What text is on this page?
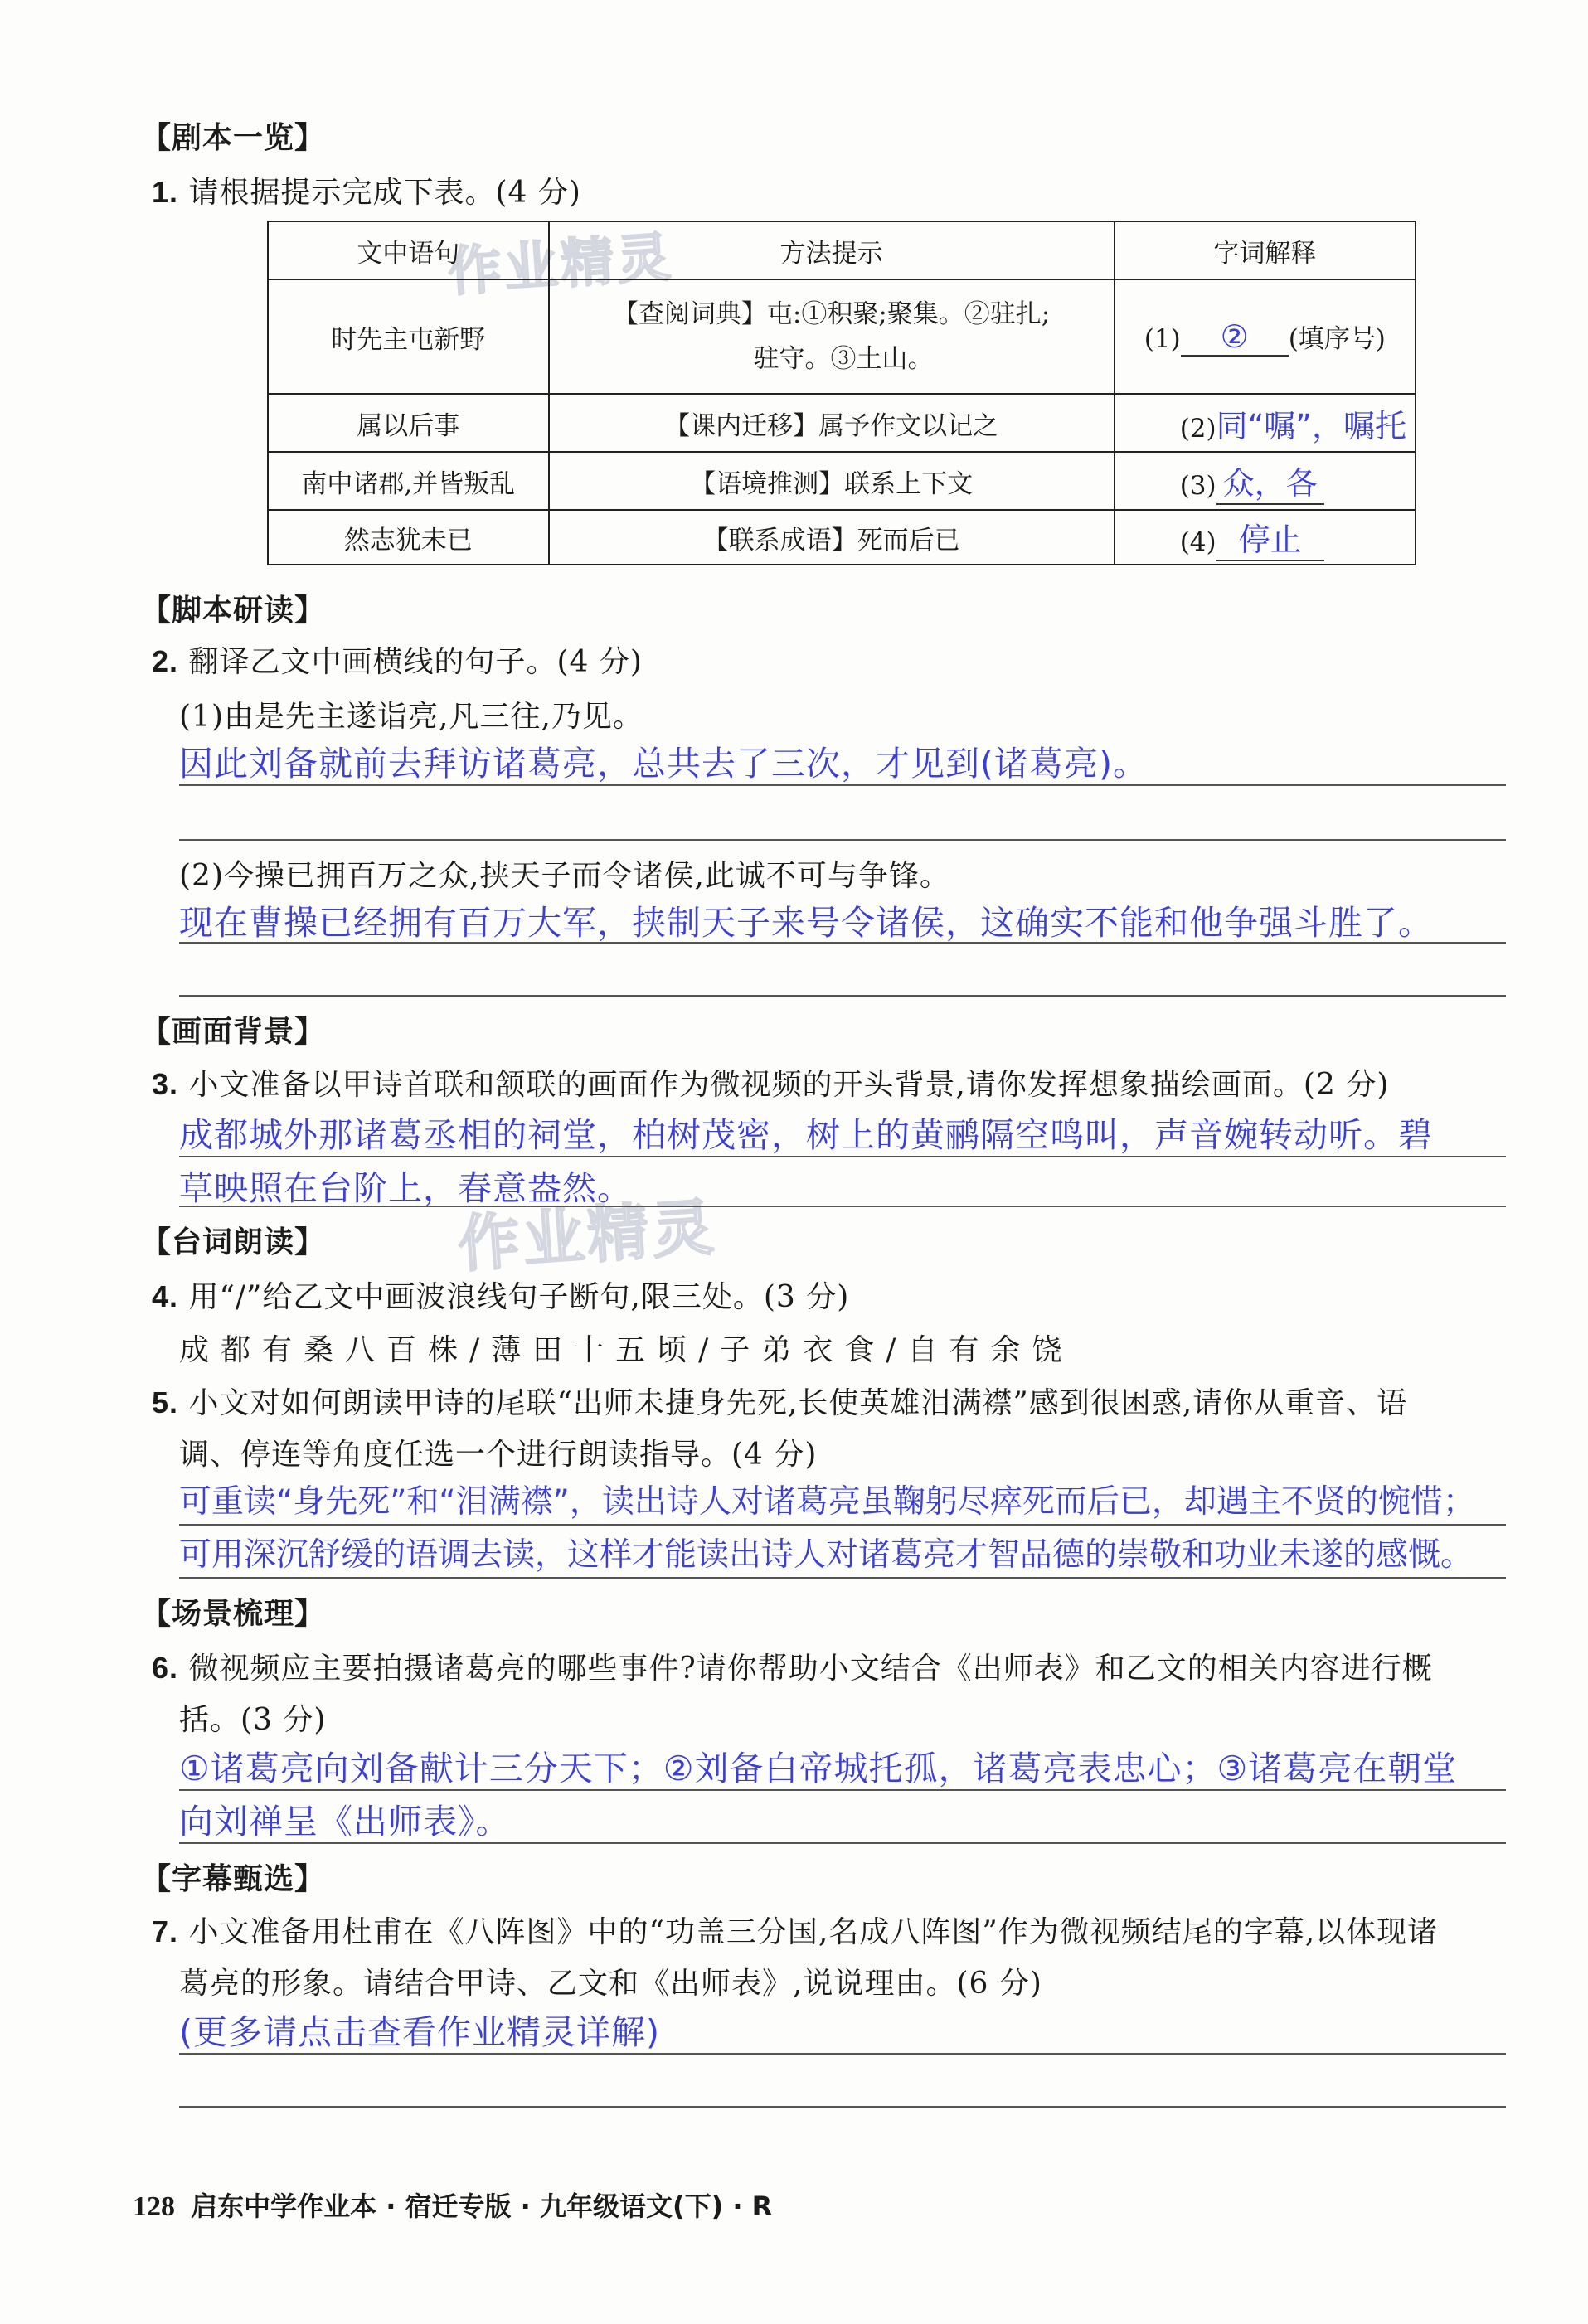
作业精灵
作业精灵
【剧本一览】
1. 请根据提示完成下表。(4 分)
文中语句	方法提示	字词解释
时先主屯新野	【查阅词典】屯:①积聚;聚集。②驻扎;
驻守。③土山。	(1) ② (填序号)
属以后事	【课内迁移】属予作文以记之	(2)同“嘱”，嘱托
南中诸郡,并皆叛乱	【语境推测】联系上下文	(3) 众，各
然志犹未已	【联系成语】死而后已	(4) 停止
【脚本研读】
2. 翻译乙文中画横线的句子。(4 分)
(1)由是先主遂诣亮,凡三往,乃见。
因此刘备就前去拜访诸葛亮，总共去了三次，才见到(诸葛亮)。
(2)今操已拥百万之众,挟天子而令诸侯,此诚不可与争锋。
现在曹操已经拥有百万大军，挟制天子来号令诸侯，这确实不能和他争强斗胜了。
【画面背景】
3. 小文准备以甲诗首联和颔联的画面作为微视频的开头背景,请你发挥想象描绘画面。(2 分)
成都城外那诸葛丞相的祠堂，柏树茂密，树上的黄鹂隔空鸣叫，声音婉转动听。碧
草映照在台阶上，春意盎然。
【台词朗读】
4. 用“/”给乙文中画波浪线句子断句,限三处。(3 分)
成都有桑八百株/薄田十五顷/子弟衣食/自有余饶
5. 小文对如何朗读甲诗的尾联“出师未捷身先死,长使英雄泪满襟”感到很困惑,请你从重音、语
调、停连等角度任选一个进行朗读指导。(4 分)
可重读“身先死”和“泪满襟”，读出诗人对诸葛亮虽鞠躬尽瘁死而后已，却遇主不贤的惋惜；
可用深沉舒缓的语调去读，这样才能读出诗人对诸葛亮才智品德的崇敬和功业未遂的感慨。
【场景梳理】
6. 微视频应主要拍摄诸葛亮的哪些事件?请你帮助小文结合《出师表》和乙文的相关内容进行概
括。(3 分)
①诸葛亮向刘备献计三分天下；②刘备白帝城托孤，诸葛亮表忠心；③诸葛亮在朝堂
向刘禅呈《出师表》。
【字幕甄选】
7. 小文准备用杜甫在《八阵图》中的“功盖三分国,名成八阵图”作为微视频结尾的字幕,以体现诸
葛亮的形象。请结合甲诗、乙文和《出师表》,说说理由。(6 分)
(更多请点击查看作业精灵详解)
128 启东中学作业本 · 宿迁专版 · 九年级语文(下) · R
